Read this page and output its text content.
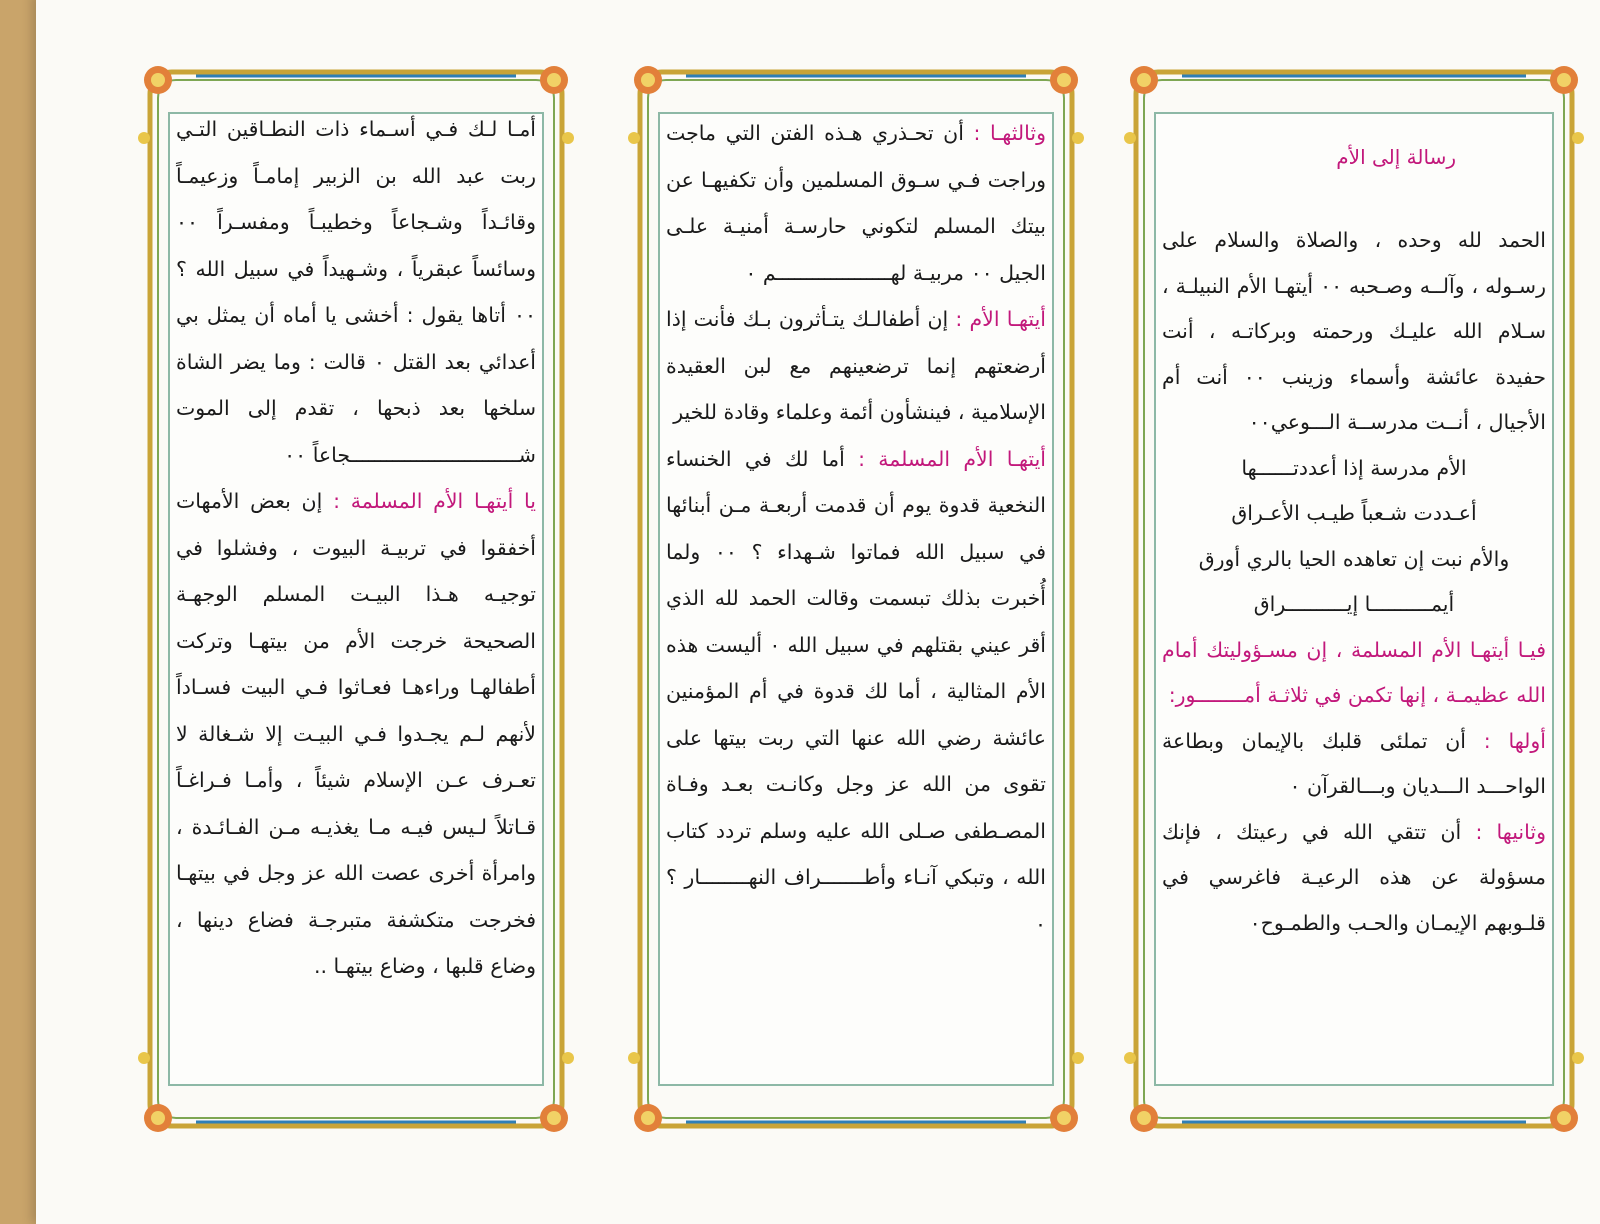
أمـا لـك فـي أسـماء ذات النطـاقين التـي ربت عبد الله بن الزبير إمامـاً وزعيمـاً وقائـداً وشـجاعاً وخطيبـاً ومفسـراً ٠٠ وسائساً عبقرياً ، وشـهيداً في سبيل الله ؟ ٠٠ أتاها يقول : أخشى يا أماه أن يمثل بي أعدائي بعد القتل ٠ قالت : وما يضر الشاة سلخها بعد ذبحها ، تقدم إلى الموت شــــــــــــــــــــــــــــجاعاً ٠٠

يا أيتهـا الأم المسلمة : إن بعض الأمهات أخفقوا في تربيـة البيوت ، وفشلوا في توجيـه هـذا البيـت المسلم الوجهـة الصحيحة خرجت الأم من بيتهـا وتركت أطفالهـا وراءهـا فعـاثوا فـي البيت فسـاداً لأنهم لـم يجـدوا فـي البيـت إلا شـغالة لا تعـرف عـن الإسلام شيئاً ، وأمـا فـراغـاً قـاتلاً لـيس فيـه مـا يغذيـه مـن الفـائـدة ، وامرأة أخرى عصت الله عز وجل في بيتهـا فخرجت متكشفة متبرجـة فضاع دينها ، وضاع قلبها ، وضاع بيتهـا ..

وثالثهـا : أن تحـذري هـذه الفتن التي ماجت وراجت فـي سـوق المسلمين وأن تكفيهـا عن بيتك المسلم لتكوني حارسـة أمنيـة علـى الجيل ٠٠ مربيـة لهـــــــــــــــــــم ٠

أيتهـا الأم : إن أطفالـك يتـأثرون بـك فأنت إذا أرضعتهم إنما ترضعينهم مع لبن العقيدة الإسلامية ، فينشأون أئمة وعلماء وقادة للخير

أيتهـا الأم المسلمة : أما لك في الخنساء النخعية قدوة يوم أن قدمت أربعـة مـن أبنائها في سبيل الله فماتوا شـهداء ؟ ٠٠ ولما أُخبرت بذلك تبسمت وقالت الحمد لله الذي أقر عيني بقتلهم في سبيل الله ٠ أليست هذه الأم المثالية ، أما لك قدوة في أم المؤمنين عائشة رضي الله عنها التي ربت بيتها على تقوى من الله عز وجل وكانـت بعـد وفـاة المصـطفى صـلى الله عليه وسلم تردد كتاب الله ، وتبكي آنـاء وأطـــــــراف النهــــــــار ؟٠

رسالة إلى الأم

الحمد لله وحده ، والصلاة والسلام على رسـوله ، وآلــه وصـحبه ٠٠ أيتهـا الأم النبيلـة ، سـلام الله عليـك ورحمته وبركاتـه ، أنت حفيدة عائشة وأسماء وزينب ٠٠ أنت أم الأجيال ، أنــت مدرســة الـــوعي٠٠

الأم مدرسة إذا أعددتــــــها

أعـددت شـعباً طيـب الأعـراق

والأم نبت إن تعاهده الحيا بالري أورق

أيمــــــــــا إيــــــــــراق

فيـا أيتهـا الأم المسلمة ، إن مسـؤوليتك أمام الله عظيمـة ، إنها تكمن في ثلاثـة أمــــــــور:

أولها : أن تملئى قلبك بالإيمان وبطاعة الواحـــد الـــديان وبـــالقرآن ٠

وثانيها : أن تتقي الله في رعيتك ، فإنك مسؤولة عن هذه الرعيـة فاغرسي في قلـوبهم الإيمـان والحـب والطمـوح٠
